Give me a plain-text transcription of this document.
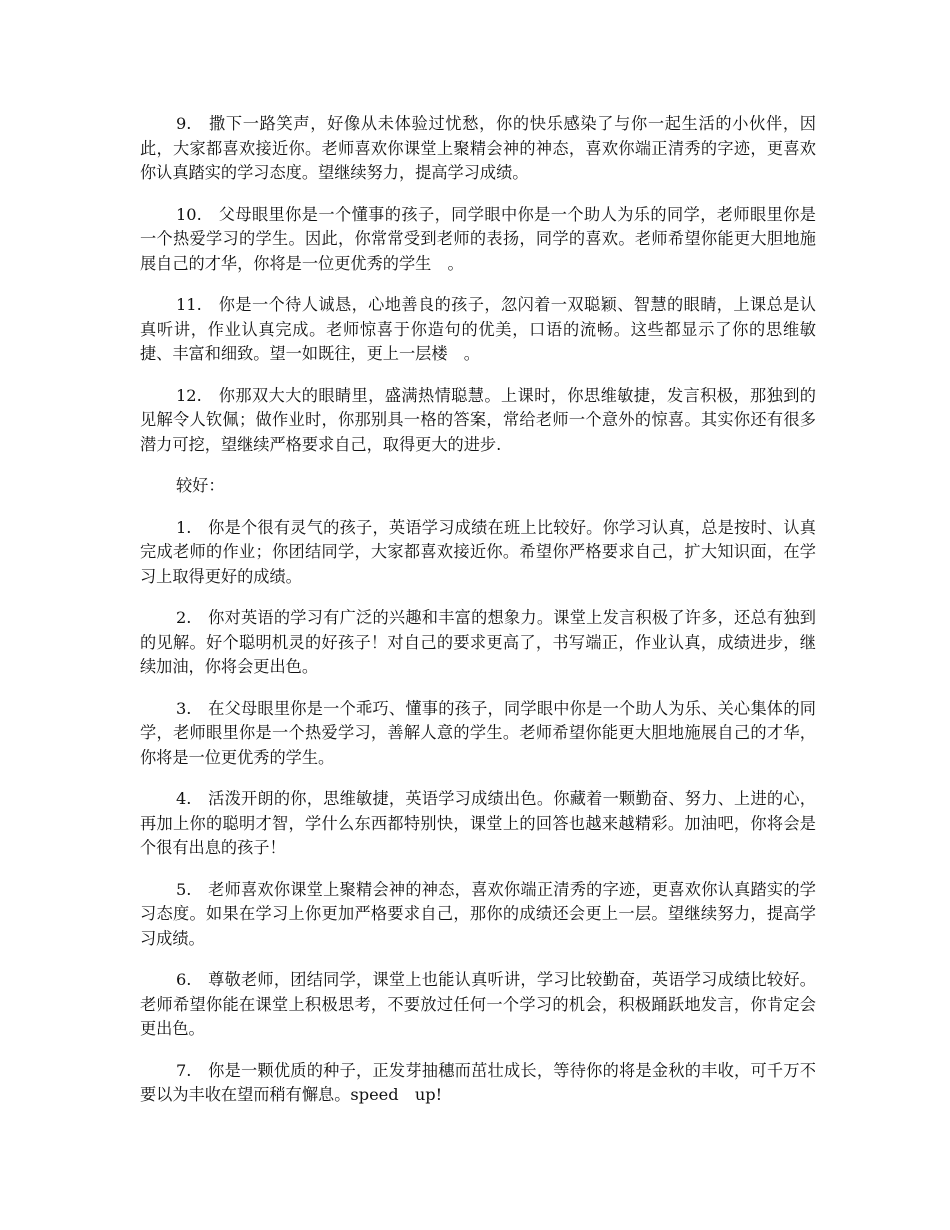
9.　撒下一路笑声，好像从未体验过忧愁，你的快乐感染了与你一起生活的小伙伴，因此，大家都喜欢接近你。老师喜欢你课堂上聚精会神的神态，喜欢你端正清秀的字迹，更喜欢你认真踏实的学习态度。望继续努力，提高学习成绩。

10.　父母眼里你是一个懂事的孩子，同学眼中你是一个助人为乐的同学，老师眼里你是一个热爱学习的学生。因此，你常常受到老师的表扬，同学的喜欢。老师希望你能更大胆地施展自己的才华，你将是一位更优秀的学生　。

11.　你是一个待人诚恳，心地善良的孩子，忽闪着一双聪颖、智慧的眼睛，上课总是认真听讲，作业认真完成。老师惊喜于你造句的优美，口语的流畅。这些都显示了你的思维敏捷、丰富和细致。望一如既往，更上一层楼　。

12.　你那双大大的眼睛里，盛满热情聪慧。上课时，你思维敏捷，发言积极，那独到的见解令人钦佩；做作业时，你那别具一格的答案，常给老师一个意外的惊喜。其实你还有很多潜力可挖，望继续严格要求自己，取得更大的进步.

较好：

1.　你是个很有灵气的孩子，英语学习成绩在班上比较好。你学习认真，总是按时、认真完成老师的作业；你团结同学，大家都喜欢接近你。希望你严格要求自己，扩大知识面，在学习上取得更好的成绩。

2.　你对英语的学习有广泛的兴趣和丰富的想象力。课堂上发言积极了许多，还总有独到的见解。好个聪明机灵的好孩子！对自己的要求更高了，书写端正，作业认真，成绩进步，继续加油，你将会更出色。

3.　在父母眼里你是一个乖巧、懂事的孩子，同学眼中你是一个助人为乐、关心集体的同学，老师眼里你是一个热爱学习，善解人意的学生。老师希望你能更大胆地施展自己的才华，你将是一位更优秀的学生。

4.　活泼开朗的你，思维敏捷，英语学习成绩出色。你藏着一颗勤奋、努力、上进的心，再加上你的聪明才智，学什么东西都特别快，课堂上的回答也越来越精彩。加油吧，你将会是个很有出息的孩子！

5.　老师喜欢你课堂上聚精会神的神态，喜欢你端正清秀的字迹，更喜欢你认真踏实的学习态度。如果在学习上你更加严格要求自己，那你的成绩还会更上一层。望继续努力，提高学习成绩。

6.　尊敬老师，团结同学，课堂上也能认真听讲，学习比较勤奋，英语学习成绩比较好。老师希望你能在课堂上积极思考，不要放过任何一个学习的机会，积极踊跃地发言，你肯定会更出色。

7.　你是一颗优质的种子，正发芽抽穗而茁壮成长，等待你的将是金秋的丰收，可千万不要以为丰收在望而稍有懈息。speed　up!
